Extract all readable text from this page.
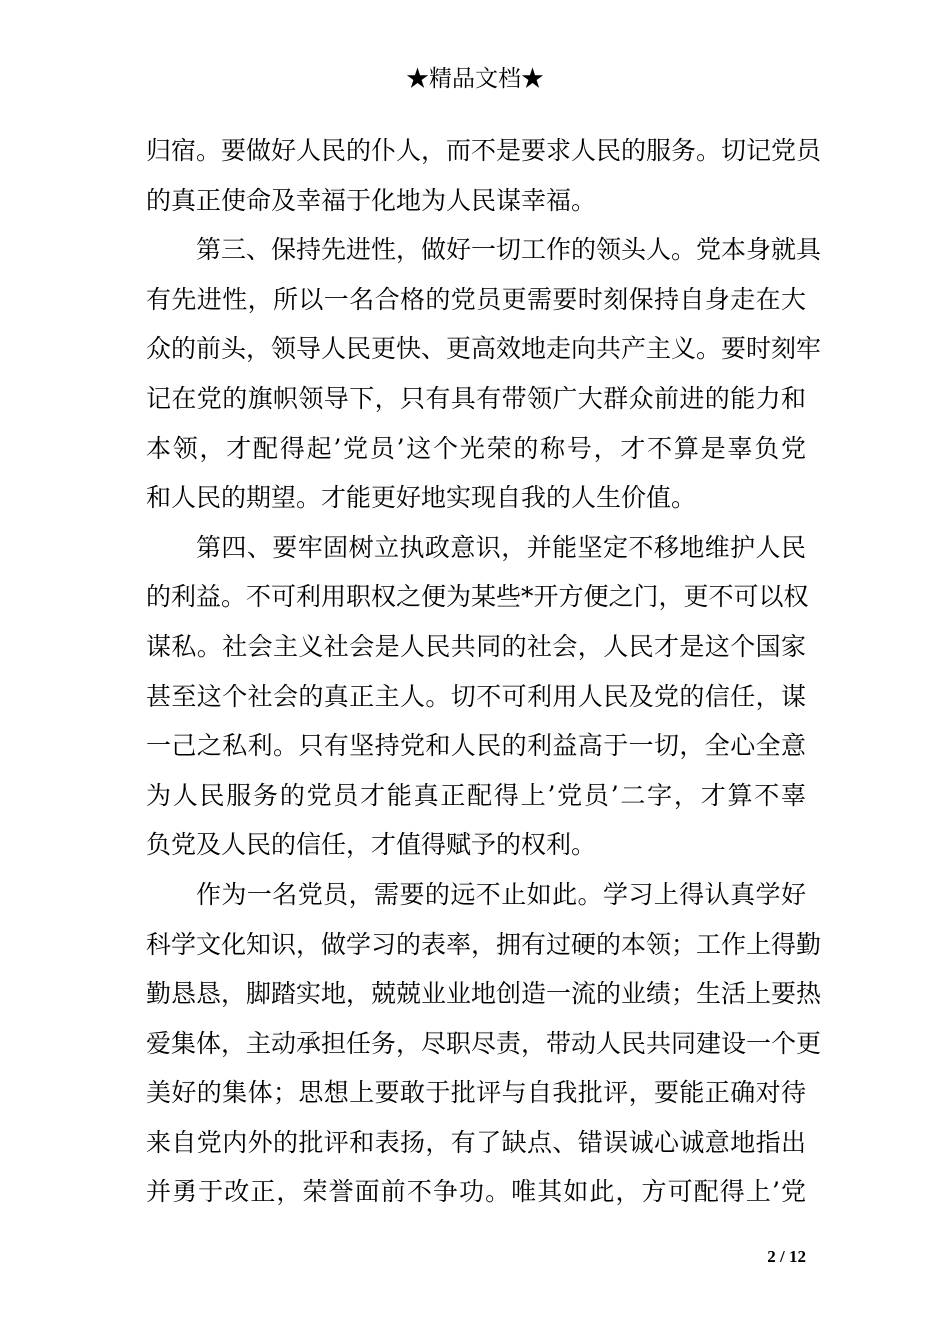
★精品文档★

归宿。要做好人民的仆人，而不是要求人民的服务。切记党员
的真正使命及幸福于化地为人民谋幸福。

第三、保持先进性，做好一切工作的领头人。党本身就具
有先进性，所以一名合格的党员更需要时刻保持自身走在大
众的前头，领导人民更快、更高效地走向共产主义。要时刻牢
记在党的旗帜领导下，只有具有带领广大群众前进的能力和
本领，才配得起’党员’这个光荣的称号，才不算是辜负党
和人民的期望。才能更好地实现自我的人生价值。

第四、要牢固树立执政意识，并能坚定不移地维护人民
的利益。不可利用职权之便为某些*开方便之门，更不可以权
谋私。社会主义社会是人民共同的社会，人民才是这个国家
甚至这个社会的真正主人。切不可利用人民及党的信任，谋
一己之私利。只有坚持党和人民的利益高于一切，全心全意
为人民服务的党员才能真正配得上’党员’二字，才算不辜
负党及人民的信任，才值得赋予的权利。

作为一名党员，需要的远不止如此。学习上得认真学好
科学文化知识，做学习的表率，拥有过硬的本领；工作上得勤
勤恳恳，脚踏实地，兢兢业业地创造一流的业绩；生活上要热
爱集体，主动承担任务，尽职尽责，带动人民共同建设一个更
美好的集体；思想上要敢于批评与自我批评，要能正确对待
来自党内外的批评和表扬，有了缺点、错误诚心诚意地指出
并勇于改正，荣誉面前不争功。唯其如此，方可配得上’党

2 / 12
